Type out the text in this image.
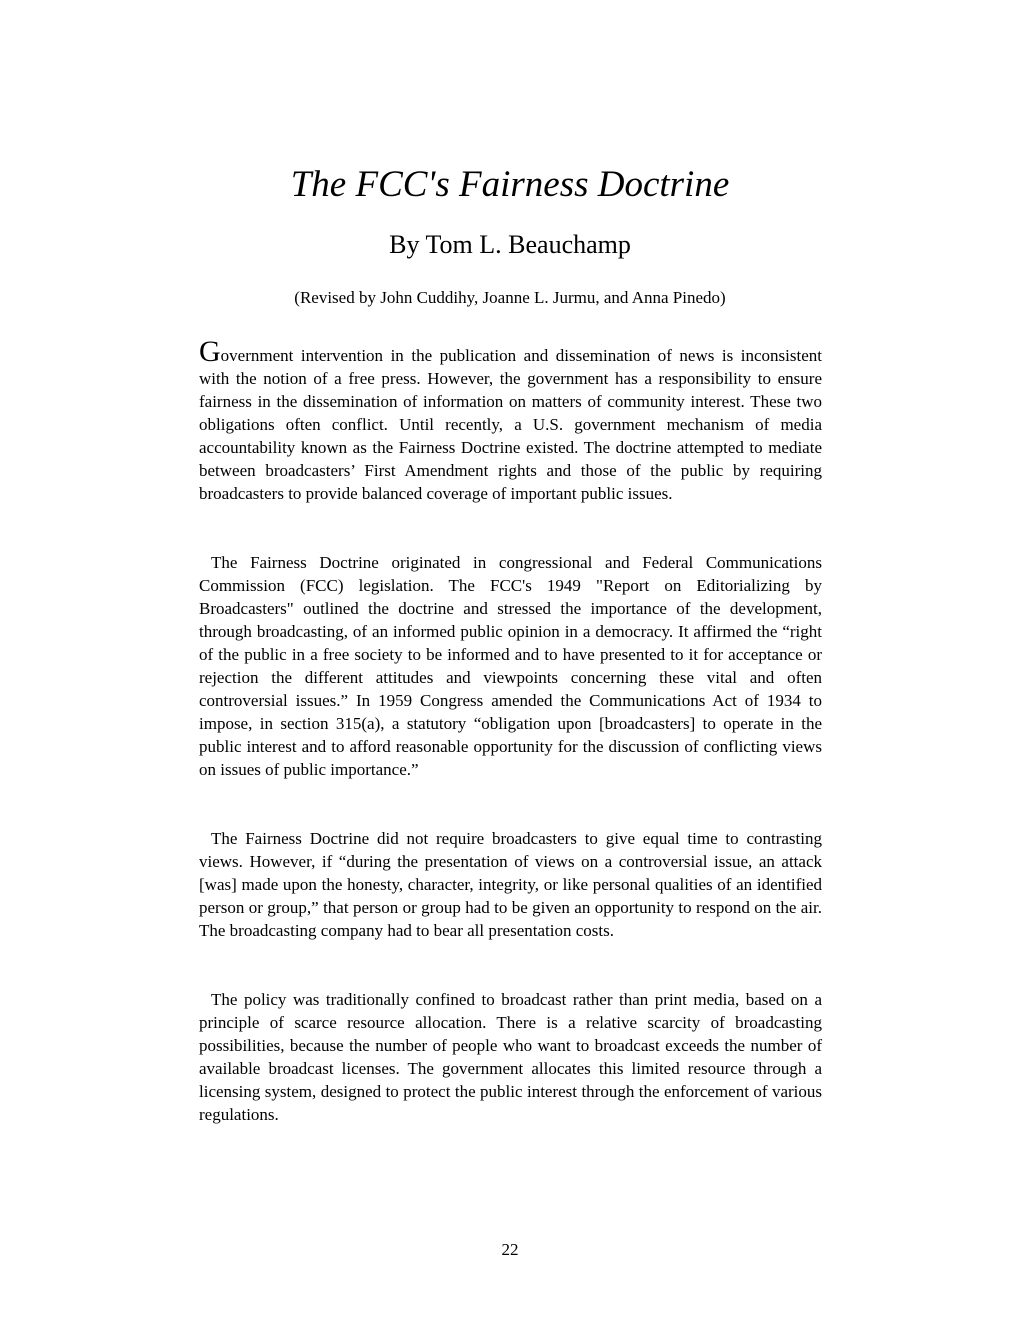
The FCC's Fairness Doctrine
By Tom L. Beauchamp
(Revised by John Cuddihy, Joanne L. Jurmu, and Anna Pinedo)

Government intervention in the publication and dissemination of news is inconsistent with the notion of a free press. However, the government has a responsibility to ensure fairness in the dissemination of information on matters of community interest. These two obligations often conflict. Until recently, a U.S. government mechanism of media accountability known as the Fairness Doctrine existed. The doctrine attempted to mediate between broadcasters’ First Amendment rights and those of the public by requiring broadcasters to provide balanced coverage of important public issues.

The Fairness Doctrine originated in congressional and Federal Communications Commission (FCC) legislation. The FCC's 1949 "Report on Editorializing by Broadcasters" outlined the doctrine and stressed the importance of the development, through broadcasting, of an informed public opinion in a democracy. It affirmed the “right of the public in a free society to be informed and to have presented to it for acceptance or rejection the different attitudes and viewpoints concerning these vital and often controversial issues.” In 1959 Congress amended the Communications Act of 1934 to impose, in section 315(a), a statutory “obligation upon [broadcasters] to operate in the public interest and to afford reasonable opportunity for the discussion of conflicting views on issues of public importance.”

The Fairness Doctrine did not require broadcasters to give equal time to contrasting views. However, if “during the presentation of views on a controversial issue, an attack [was] made upon the honesty, character, integrity, or like personal qualities of an identified person or group,” that person or group had to be given an opportunity to respond on the air. The broadcasting company had to bear all presentation costs.

The policy was traditionally confined to broadcast rather than print media, based on a principle of scarce resource allocation. There is a relative scarcity of broadcasting possibilities, because the number of people who want to broadcast exceeds the number of available broadcast licenses. The government allocates this limited resource through a licensing system, designed to protect the public interest through the enforcement of various regulations.

22
